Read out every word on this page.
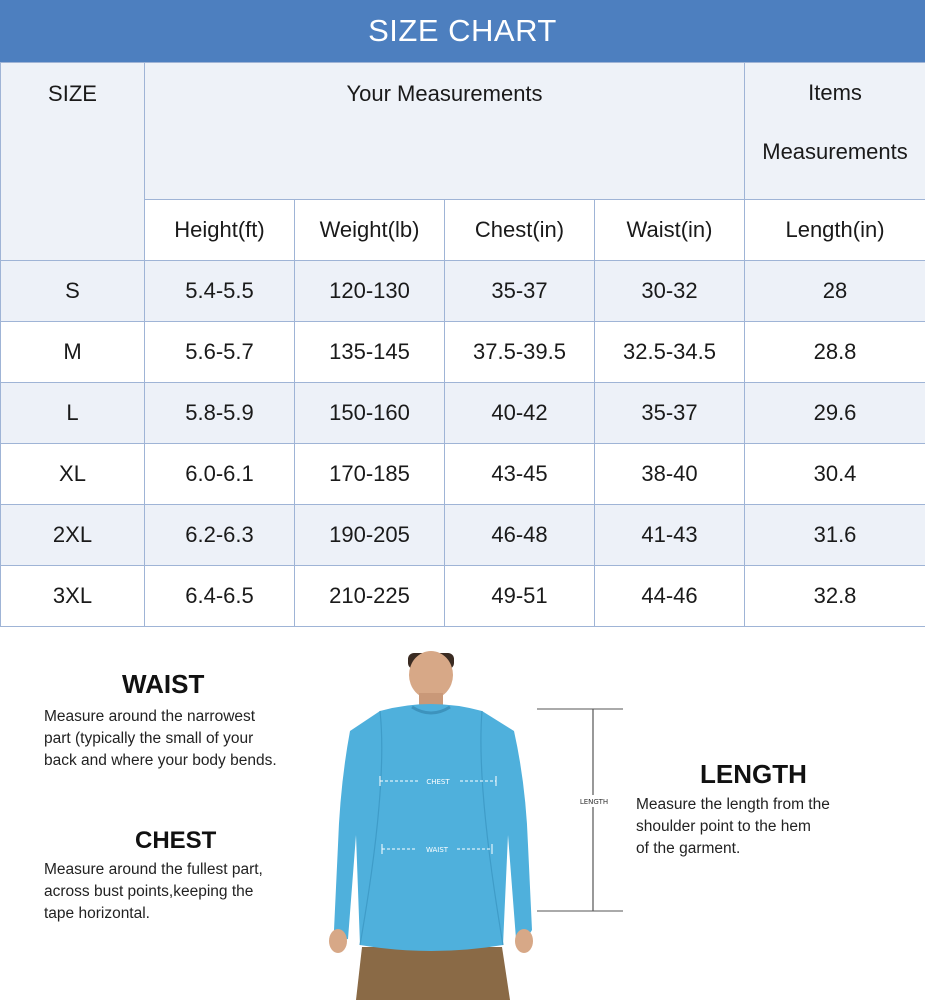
SIZE CHART
SIZE	Your Measurements				Items
Measurements

	Height(ft)	Weight(lb)	Chest(in)	Waist(in)	Length(in)
S	5.4-5.5	120-130	35-37	30-32	28
M	5.6-5.7	135-145	37.5-39.5	32.5-34.5	28.8
L	5.8-5.9	150-160	40-42	35-37	29.6
XL	6.0-6.1	170-185	43-45	38-40	30.4
2XL	6.2-6.3	190-205	46-48	41-43	31.6
3XL	6.4-6.5	210-225	49-51	44-46	32.8
WAIST
Measure around the narrowest
part (typically the small of your
back and where your body bends.
CHEST
Measure around the fullest part,
across bust points,keeping the
tape horizontal.
LENGTH
Measure the length from the
shoulder point to the hem
of the garment.
LENGTH
CHEST
WAIST
